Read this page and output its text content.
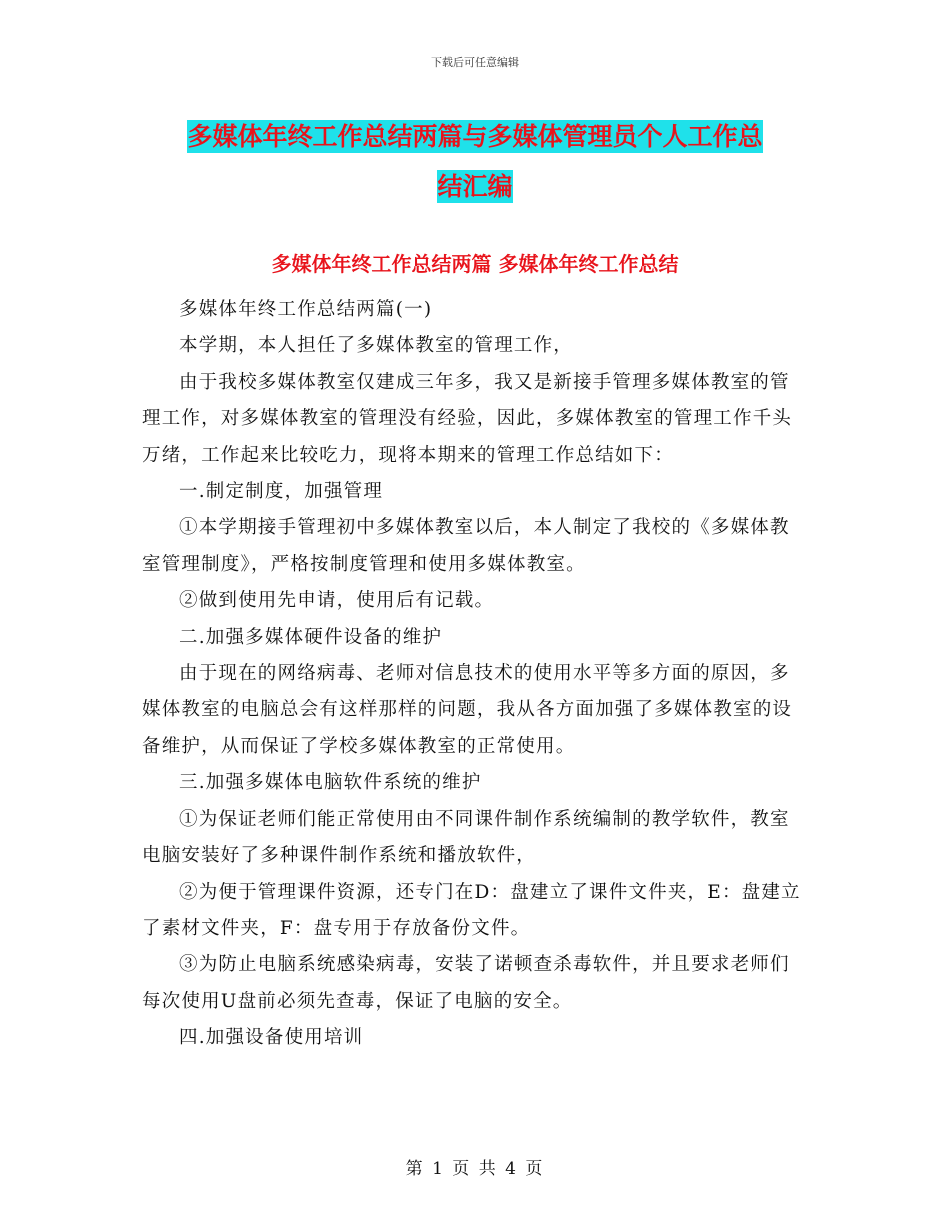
下载后可任意编辑
多媒体年终工作总结两篇与多媒体管理员个人工作总
结汇编
多媒体年终工作总结两篇 多媒体年终工作总结

多媒体年终工作总结两篇(一)

本学期，本人担任了多媒体教室的管理工作，

由于我校多媒体教室仅建成三年多，我又是新接手管理多媒体教室的管理工作，对多媒体教室的管理没有经验，因此，多媒体教室的管理工作千头万绪，工作起来比较吃力，现将本期来的管理工作总结如下：

一.制定制度，加强管理

①本学期接手管理初中多媒体教室以后，本人制定了我校的《多媒体教室管理制度》，严格按制度管理和使用多媒体教室。

②做到使用先申请，使用后有记载。

二.加强多媒体硬件设备的维护

由于现在的网络病毒、老师对信息技术的使用水平等多方面的原因，多媒体教室的电脑总会有这样那样的问题，我从各方面加强了多媒体教室的设备维护，从而保证了学校多媒体教室的正常使用。

三.加强多媒体电脑软件系统的维护

①为保证老师们能正常使用由不同课件制作系统编制的教学软件，教室电脑安装好了多种课件制作系统和播放软件，

②为便于管理课件资源，还专门在D：盘建立了课件文件夹，E：盘建立了素材文件夹，F：盘专用于存放备份文件。

③为防止电脑系统感染病毒，安装了诺顿查杀毒软件，并且要求老师们每次使用U盘前必须先查毒，保证了电脑的安全。

四.加强设备使用培训

第 1 页 共 4 页
